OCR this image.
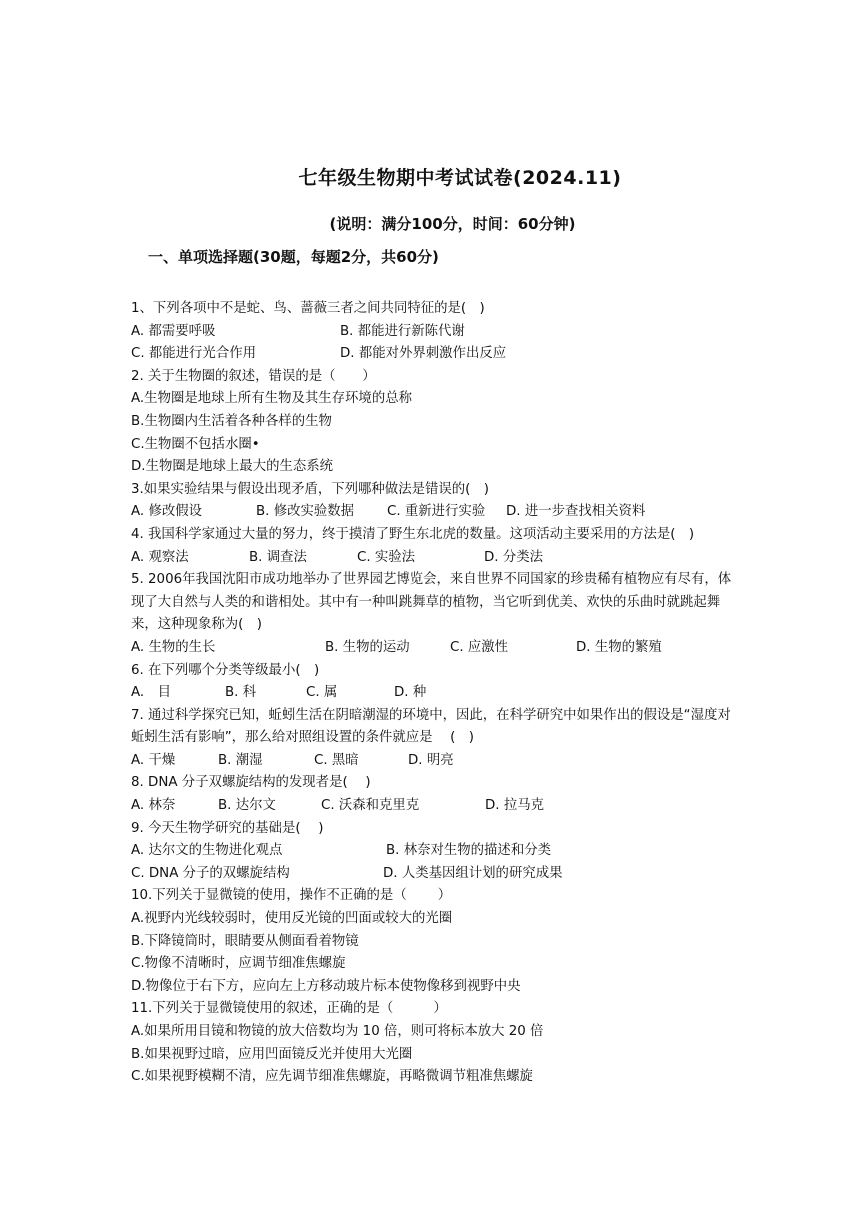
七年级生物期中考试试卷(2024.11)
(说明：满分100分，时间：60分钟)
一、单项选择题(30题，每题2分，共60分)
1、下列各项中不是蛇、鸟、蔷薇三者之间共同特征的是(　)
A. 都需要呼吸	B. 都能进行新陈代谢
C. 都能进行光合作用	D. 都能对外界刺激作出反应
2. 关于生物圈的叙述，错误的是（　　）
A.生物圈是地球上所有生物及其生存环境的总称
B.生物圈内生活着各种各样的生物
C.生物圈不包括水圈•
D.生物圈是地球上最大的生态系统
3.如果实验结果与假设出现矛盾，下列哪种做法是错误的(　)
A. 修改假设	B. 修改实验数据 C. 重新进行实验 D. 进一步查找相关资料
4. 我国科学家通过大量的努力，终于摸清了野生东北虎的数量。这项活动主要采用的方法是(　)
A. 观察法	B. 调查法	C. 实验法	D. 分类法
5. 2006年我国沈阳市成功地举办了世界园艺博览会，来自世界不同国家的珍贵稀有植物应有尽有，体现了大自然与人类的和谐相处。其中有一种叫跳舞草的植物，当它听到优美、欢快的乐曲时就跳起舞来，这种现象称为(　)
A. 生物的生长	B. 生物的运动	C. 应激性	D. 生物的繁殖
6. 在下列哪个分类等级最小(　)
A.　目	B. 科	C. 属	D. 种
7. 通过科学探究已知，蚯蚓生活在阴暗潮湿的环境中，因此，在科学研究中如果作出的假设是“湿度对蚯蚓生活有影响”，那么给对照组设置的条件就应是　 (　)
A. 干燥	B. 潮湿	C. 黑暗	D. 明亮
8. DNA 分子双螺旋结构的发现者是(　 )
A. 林奈	B. 达尔文	C. 沃森和克里克	D. 拉马克
9. 今天生物学研究的基础是(　 )
A. 达尔文的生物进化观点	B. 林奈对生物的描述和分类
C. DNA 分子的双螺旋结构	D. 人类基因组计划的研究成果
10.下列关于显微镜的使用，操作不正确的是（　　 ）
A.视野内光线较弱时，使用反光镜的凹面或较大的光圈
B.下降镜筒时，眼睛要从侧面看着物镜
C.物像不清晰时，应调节细准焦螺旋
D.物像位于右下方，应向左上方移动玻片标本使物像移到视野中央
11.下列关于显微镜使用的叙述，正确的是（　　　）
A.如果所用目镜和物镜的放大倍数均为 10 倍，则可将标本放大 20 倍
B.如果视野过暗，应用凹面镜反光并使用大光圈
C.如果视野模糊不清，应先调节细准焦螺旋，再略微调节粗准焦螺旋
